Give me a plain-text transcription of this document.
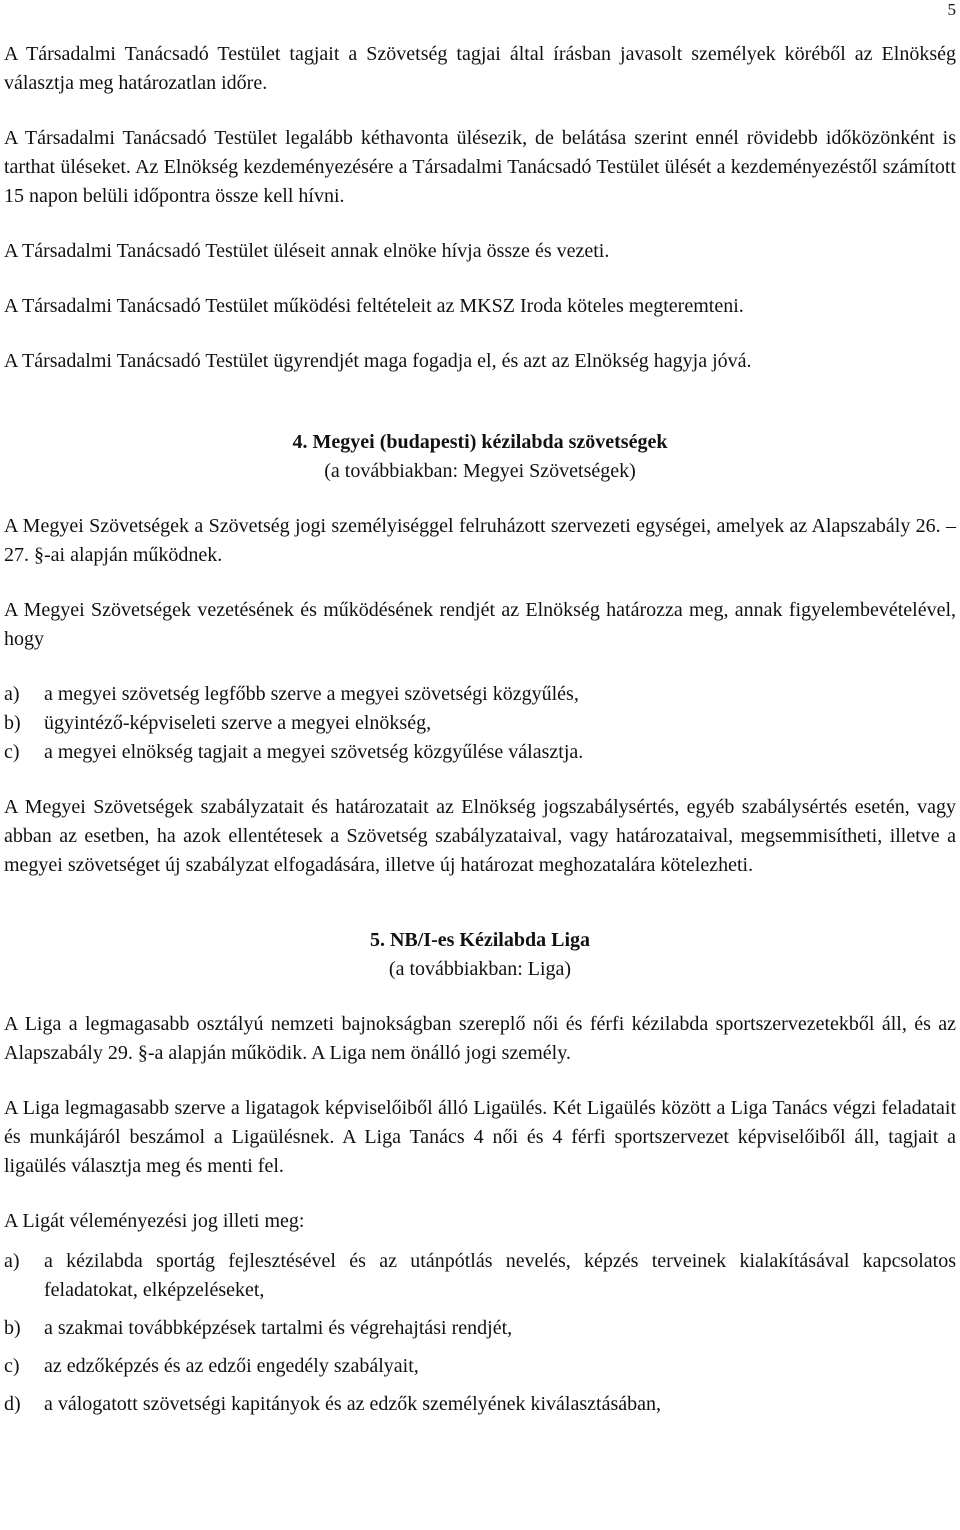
5

A Társadalmi Tanácsadó Testület tagjait a Szövetség tagjai által írásban javasolt személyek köréből az Elnökség választja meg határozatlan időre.

A Társadalmi Tanácsadó Testület legalább kéthavonta ülésezik, de belátása szerint ennél rövidebb időközönként is tarthat üléseket. Az Elnökség kezdeményezésére a Társadalmi Tanácsadó Testület ülését a kezdeményezéstől számított 15 napon belüli időpontra össze kell hívni.

A Társadalmi Tanácsadó Testület üléseit annak elnöke hívja össze és vezeti.

A Társadalmi Tanácsadó Testület működési feltételeit az MKSZ Iroda köteles megteremteni.

A Társadalmi Tanácsadó Testület ügyrendjét maga fogadja el, és azt az Elnökség hagyja jóvá.

4. Megyei (budapesti) kézilabda szövetségek
(a továbbiakban: Megyei Szövetségek)

A Megyei Szövetségek a Szövetség jogi személyiséggel felruházott szervezeti egységei, amelyek az Alapszabály 26. – 27. §-ai alapján működnek.

A Megyei Szövetségek vezetésének és működésének rendjét az Elnökség határozza meg, annak figyelembevételével, hogy

a)	a megyei szövetség legfőbb szerve a megyei szövetségi közgyűlés,
b)	ügyintéző-képviseleti szerve a megyei elnökség,
c)	a megyei elnökség tagjait a megyei szövetség közgyűlése választja.

A Megyei Szövetségek szabályzatait és határozatait az Elnökség jogszabálysértés, egyéb szabálysértés esetén, vagy abban az esetben, ha azok ellentétesek a Szövetség szabályzataival, vagy határozataival, megsemmisítheti, illetve a megyei szövetséget új szabályzat elfogadására, illetve új határozat meghozatalára kötelezheti.

5. NB/I-es Kézilabda Liga
(a továbbiakban: Liga)

A Liga a legmagasabb osztályú nemzeti bajnokságban szereplő női és férfi kézilabda sportszervezetekből áll, és az Alapszabály 29. §-a alapján működik. A Liga nem önálló jogi személy.

A Liga legmagasabb szerve a ligatagok képviselőiből álló Ligaülés. Két Ligaülés között a Liga Tanács végzi feladatait és munkájáról beszámol a Ligaülésnek. A Liga Tanács 4 női és 4 férfi sportszervezet képviselőiből áll, tagjait a ligaülés választja meg és menti fel.

A Ligát véleményezési jog illeti meg:

a)	a kézilabda sportág fejlesztésével és az utánpótlás nevelés, képzés terveinek kialakításával kapcsolatos feladatokat, elképzeléseket,
b)	a szakmai továbbképzések tartalmi és végrehajtási rendjét,
c)	az edzőképzés és az edzői engedély szabályait,
d)	a válogatott szövetségi kapitányok és az edzők személyének kiválasztásában,
